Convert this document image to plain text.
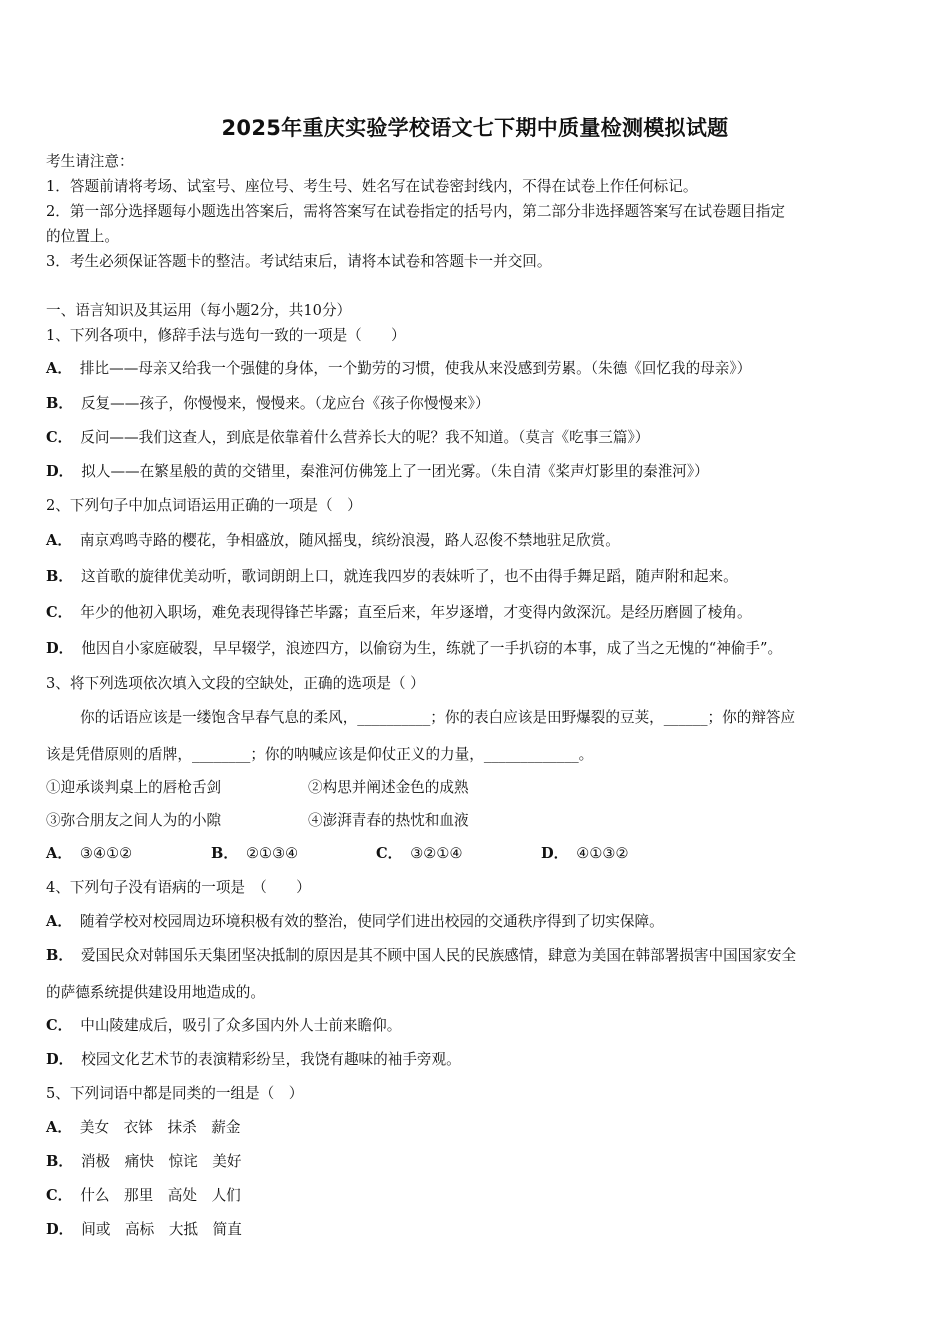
2025年重庆实验学校语文七下期中质量检测模拟试题
考生请注意：
1．答题前请将考场、试室号、座位号、考生号、姓名写在试卷密封线内，不得在试卷上作任何标记。
2．第一部分选择题每小题选出答案后，需将答案写在试卷指定的括号内，第二部分非选择题答案写在试卷题目指定
的位置上。
3．考生必须保证答题卡的整洁。考试结束后，请将本试卷和答题卡一并交回。
一、语言知识及其运用（每小题2分，共10分）
1、下列各项中，修辞手法与选句一致的一项是（　　）
A． 排比——母亲又给我一个强健的身体，一个勤劳的习惯，使我从来没感到劳累。（朱德《回忆我的母亲》）
B． 反复——孩子，你慢慢来，慢慢来。（龙应台《孩子你慢慢来》）
C． 反问——我们这查人，到底是依靠着什么营养长大的呢？我不知道。（莫言《吃事三篇》）
D． 拟人——在繁星般的黄的交错里，秦淮河仿佛笼上了一团光雾。（朱自清《桨声灯影里的秦淮河》）
2、下列句子中加点词语运用正确的一项是（　）
A． 南京鸡鸣寺路的樱花，争相盛放，随风摇曳，缤纷浪漫，路人忍俊不禁地驻足欣赏。
B． 这首歌的旋律优美动听，歌词朗朗上口，就连我四岁的表妹听了，也不由得手舞足蹈，随声附和起来。
C． 年少的他初入职场，难免表现得锋芒毕露；直至后来，年岁逐增，才变得内敛深沉。是经历磨圆了棱角。
D． 他因自小家庭破裂，早早辍学，浪迹四方，以偷窃为生，练就了一手扒窃的本事，成了当之无愧的“神偷手”。
3、将下列选项依次填入文段的空缺处，正确的选项是（ ）
你的话语应该是一缕饱含早春气息的柔风，__________；你的表白应该是田野爆裂的豆荚，______；你的辩答应
该是凭借原则的盾牌，________；你的呐喊应该是仰仗正义的力量，_____________。
①迎承谈判桌上的唇枪舌剑	②构思并阐述金色的成熟
③弥合朋友之间人为的小隙	④澎湃青春的热忱和血液
A． ③④①②	B． ②①③④	C． ③②①④	D． ④①③②
4、下列句子没有语病的一项是　（　　）
A． 随着学校对校园周边环境积极有效的整治，使同学们进出校园的交通秩序得到了切实保障。
B． 爱国民众对韩国乐天集团坚决抵制的原因是其不顾中国人民的民族感情，肆意为美国在韩部署损害中国国家安全
的萨德系统提供建设用地造成的。
C． 中山陵建成后，吸引了众多国内外人士前来瞻仰。
D． 校园文化艺术节的表演精彩纷呈，我饶有趣味的袖手旁观。
5、下列词语中都是同类的一组是（　）
A． 美女　衣钵　抹杀　薪金
B． 消极　痛快　惊诧　美好
C． 什么　那里　高处　人们
D． 间或　高标　大抵　简直
